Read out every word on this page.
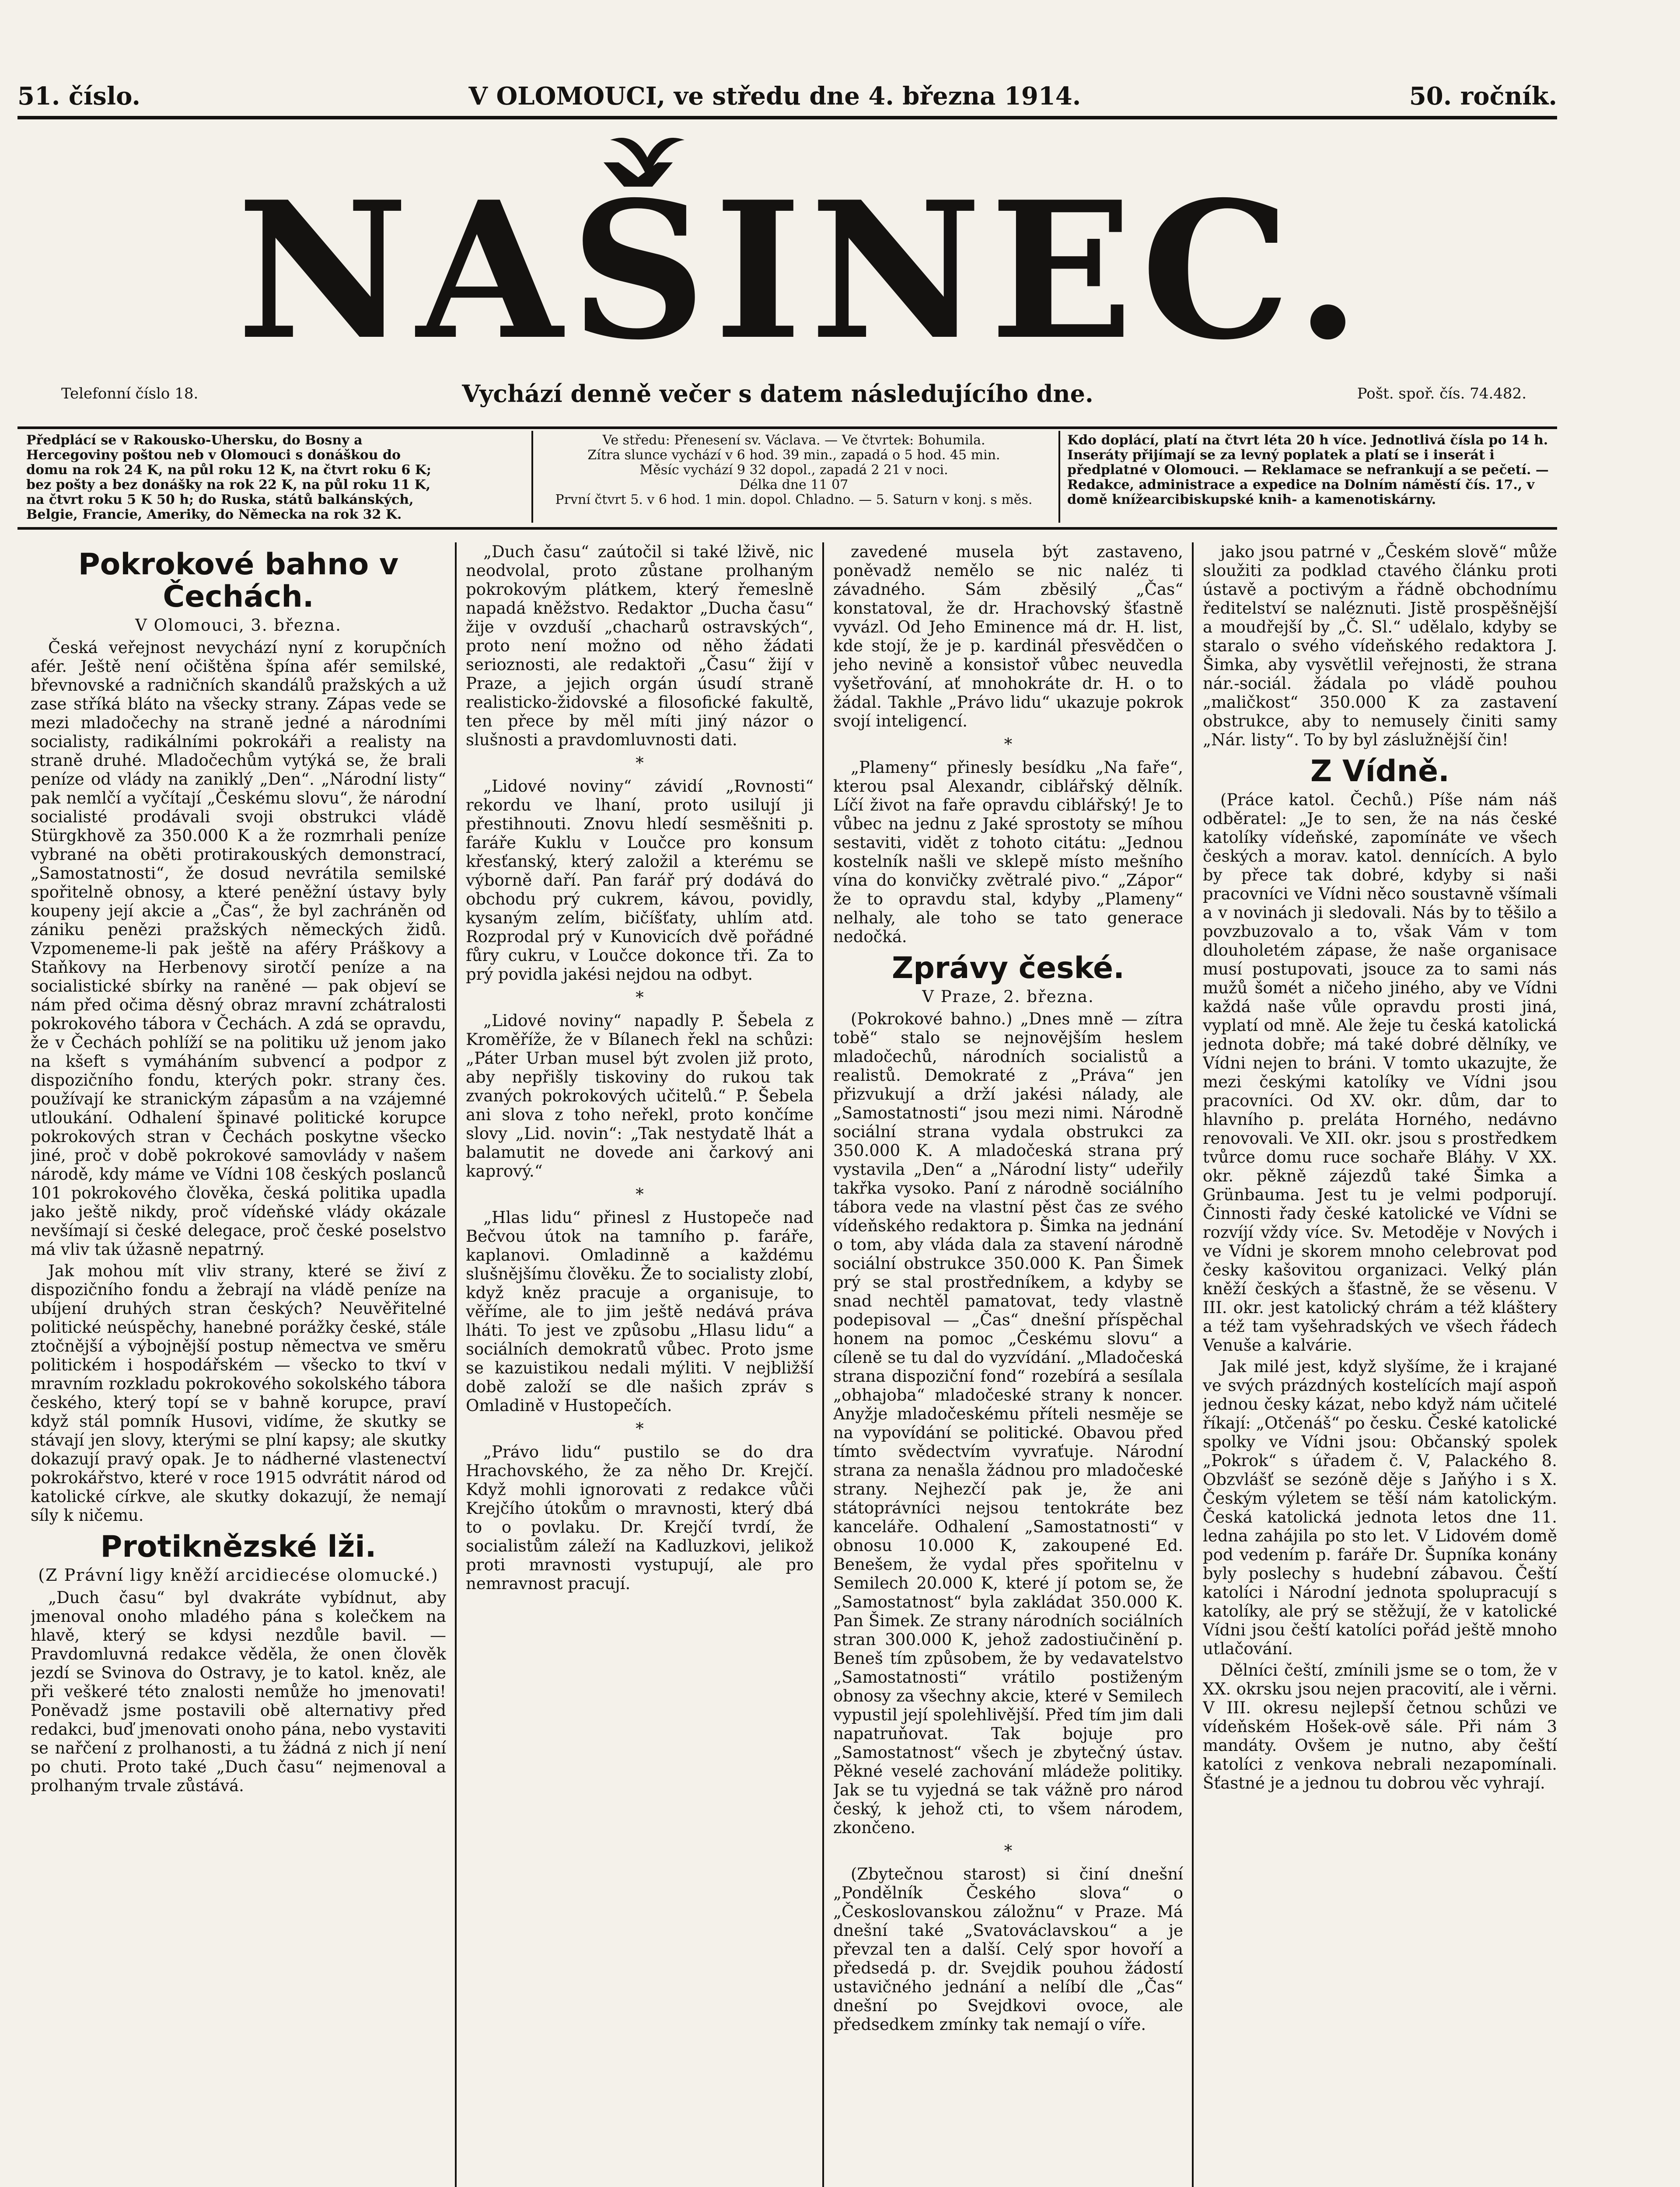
51. číslo.	V OLOMOUCI, ve středu dne 4. března 1914.	50. ročník.
NAŠINEC.
Telefonní číslo 18.	Vychází denně večer s datem následujícího dne.	Pošt. spoř. čís. 74.482.
Předplácí se v Rakousko-Uhersku, do Bosny a Hercegoviny poštou neb v Olomouci s donáškou do domu na rok 24 K, na půl roku 12 K, na čtvrt roku 6 K; bez pošty a bez donášky na rok 22 K, na půl roku 11 K, na čtvrt roku 5 K 50 h; do Ruska, států balkánských, Belgie, Francie, Ameriky, do Německa na rok 32 K.

Ve středu: Přenesení sv. Václava. — Ve čtvrtek: Bohumila.

Zítra slunce vychází v 6 hod. 39 min., zapadá o 5 hod. 45 min.

Měsíc vychází 9 32 dopol., zapadá 2 21 v noci.

Délka dne 11 07

První čtvrt 5. v 6 hod. 1 min. dopol. Chladno. — 5. Saturn v konj. s měs.

Kdo doplácí, platí na čtvrt léta 20 h více. Jednotlivá čísla po 14 h. Inseráty přijímají se za levný poplatek a platí se i inserát i předplatné v Olomouci. — Reklamace se nefrankují a se pečetí. — Redakce, administrace a expedice na Dolním náměstí čís. 17., v domě knížearcibiskupské knih- a kamenotiskárny.
Pokrokové bahno v Čechách.
V Olomouci, 3. března.

Česká veřejnost nevychází nyní z korupčních afér. Ještě není očištěna špína afér semilské, břevnovské a radničních skandálů pražských a už zase stříká bláto na všecky strany. Zápas vede se mezi mladočechy na straně jedné a národními socialisty, radikálními pokrokáři a realisty na straně druhé. Mladočechům vytýká se, že brali peníze od vlády na zaniklý „Den“. „Národní listy“ pak nemlčí a vyčítají „Českému slovu“, že národní socialisté prodávali svoji obstrukci vládě Stürgkhově za 350.000 K a že rozmrhali peníze vybrané na oběti protirakouských demonstrací, „Samostatnosti“, že dosud nevrátila semilské spořitelně obnosy, a které peněžní ústavy byly koupeny její akcie a „Čas“, že byl zachráněn od zániku penězi pražských německých židů. Vzpomeneme-li pak ještě na aféry Práškovy a Staňkovy na Herbenovy sirotčí peníze a na socialistické sbírky na raněné — pak objeví se nám před očima děsný obraz mravní zchátralosti pokrokového tábora v Čechách. A zdá se opravdu, že v Čechách pohlíží se na politiku už jenom jako na kšeft s vymáháním subvencí a podpor z dispozičního fondu, kterých pokr. strany čes. používají ke stranickým zápasům a na vzájemné utloukání. Odhalení špinavé politické korupce pokrokových stran v Čechách poskytne všecko jiné, proč v době pokrokové samovlády v našem národě, kdy máme ve Vídni 108 českých poslanců 101 pokrokového člověka, česká politika upadla jako ještě nikdy, proč vídeňské vlády okázale nevšímají si české delegace, proč české poselstvo má vliv tak úžasně nepatrný.

Jak mohou mít vliv strany, které se živí z dispozičního fondu a žebrají na vládě peníze na ubíjení druhých stran českých? Neuvěřitelné politické neúspěchy, hanebné porážky české, stále ztočnější a výbojnější postup němectva ve směru politickém i hospodářském — všecko to tkví v mravním rozkladu pokrokového sokolského tábora českého, který topí se v bahně korupce, praví když stál pomník Husovi, vidíme, že skutky se stávají jen slovy, kterými se plní kapsy; ale skutky dokazují pravý opak. Je to nádherné vlastenectví pokrokářstvo, které v roce 1915 odvrátit národ od katolické církve, ale skutky dokazují, že nemají síly k ničemu.

Protiknězské lži.
(Z Právní ligy kněží arcidiecése olomucké.)

„Duch času“ byl dvakráte vybídnut, aby jmenoval onoho mladého pána s kolečkem na hlavě, který se kdysi nezdůle bavil. — Pravdomluvná redakce věděla, že onen člověk jezdí se Svinova do Ostravy, je to katol. kněz, ale při veškeré této znalosti nemůže ho jmenovati! Poněvadž jsme postavili obě alternativy před redakci, buď jmenovati onoho pána, nebo vystaviti se nařčení z prolhanosti, a tu žádná z nich jí není po chuti. Proto také „Duch času“ nejmenoval a prolhaným trvale zůstává.

„Duch času“ zaútočil si také lživě, nic neodvolal, proto zůstane prolhaným pokrokovým plátkem, který řemeslně napadá kněžstvo. Redaktor „Ducha času“ žije v ovzduší „chacharů ostravských“, proto není možno od něho žádati serioznosti, ale redaktoři „Času“ žijí v Praze, a jejich orgán úsudí straně realisticko-židovské a filosofické fakultě, ten přece by měl míti jiný názor o slušnosti a pravdomluvnosti dati.

*

„Lidové noviny“ závidí „Rovnosti“ rekordu ve lhaní, proto usilují ji přestihnouti. Znovu hledí sesměšniti p. faráře Kuklu v Loučce pro konsum křesťanský, který založil a kterému se výborně daří. Pan farář prý dodává do obchodu prý cukrem, kávou, povidly, kysaným zelím, bičíšťaty, uhlím atd. Rozprodal prý v Kunovicích dvě pořádné fůry cukru, v Loučce dokonce tři. Za to prý povidla jakési nejdou na odbyt.

*

„Lidové noviny“ napadly P. Šebela z Kroměříže, že v Bílanech řekl na schůzi: „Páter Urban musel být zvolen již proto, aby nepřišly tiskoviny do rukou tak zvaných pokrokových učitelů.“ P. Šebela ani slova z toho neřekl, proto končíme slovy „Lid. novin“: „Tak nestydatě lhát a balamutit ne dovede ani čarkový ani kaprový.“

*

„Hlas lidu“ přinesl z Hustopeče nad Bečvou útok na tamního p. faráře, kaplanovi. Omladinně a každému slušnějšímu člověku. Že to socialisty zlobí, když kněz pracuje a organisuje, to věříme, ale to jim ještě nedává práva lháti. To jest ve způsobu „Hlasu lidu“ a sociálních demokratů vůbec. Proto jsme se kazuistikou nedali mýliti. V nejbližší době založí se dle našich zpráv s Omladině v Hustopečích.

*

„Právo lidu“ pustilo se do dra Hrachovského, že za něho Dr. Krejčí. Když mohli ignorovati z redakce vůči Krejčího útokům o mravnosti, který dbá to o povlaku. Dr. Krejčí tvrdí, že socialistům záleží na Kadluzkovi, jelikož proti mravnosti vystupují, ale pro nemravnost pracují.

zavedené musela být zastaveno, poněvadž nemělo se nic naléz ti závadného. Sám zběsilý „Čas“ konstatoval, že dr. Hrachovský šťastně vyvázl. Od Jeho Eminence má dr. H. list, kde stojí, že je p. kardinál přesvědčen o jeho nevině a konsistoř vůbec neuvedla vyšetřování, ať mnohokráte dr. H. o to žádal. Takhle „Právo lidu“ ukazuje pokrok svojí inteligencí.

*

„Plameny“ přinesly besídku „Na faře“, kterou psal Alexandr, ciblářský dělník. Líčí život na faře opravdu ciblářský! Je to vůbec na jednu z Jaké sprostoty se míhou sestaviti, vidět z tohoto citátu: „Jednou kostelník našli ve sklepě místo mešního vína do konvičky zvětralé pivo.“ „Zápor“ že to opravdu stal, kdyby „Plameny“ nelhaly, ale toho se tato generace nedočká.

Zprávy české.
V Praze, 2. března.

(Pokrokové bahno.) „Dnes mně — zítra tobě“ stalo se nejnovějším heslem mladočechů, národních socialistů a realistů. Demokraté z „Práva“ jen přizvukují a drží jakési nálady, ale „Samostatnosti“ jsou mezi nimi. Národně sociální strana vydala obstrukci za 350.000 K. A mladočeská strana prý vystavila „Den“ a „Národní listy“ udeřily takřka vysoko. Paní z národně sociálního tábora vede na vlastní pěst čas ze svého vídeňského redaktora p. Šimka na jednání o tom, aby vláda dala za stavení národně sociální obstrukce 350.000 K. Pan Šimek prý se stal prostředníkem, a kdyby se snad nechtěl pamatovat, tedy vlastně podepisoval — „Čas“ dnešní příspěchal honem na pomoc „Českému slovu“ a cíleně se tu dal do vyzvídání. „Mladočeská strana dispoziční fond“ rozebírá a sesílala „obhajoba“ mladočeské strany k noncer. Anyžje mladočeskému příteli nesměje se na vypovídání se politické. Obavou před tímto svědectvím vyvraťuje. Národní strana za nenašla žádnou pro mladočeské strany. Nejhezčí pak je, že ani státoprávníci nejsou tentokráte bez kanceláře. Odhalení „Samostatnosti“ v obnosu 10.000 K, zakoupené Ed. Benešem, že vydal přes spořitelnu v Semilech 20.000 K, které jí potom se, že „Samostatnost“ byla zakládat 350.000 K. Pan Šimek. Ze strany národních sociálních stran 300.000 K, jehož zadostiučinění p. Beneš tím způsobem, že by vedavatelstvo „Samostatnosti“ vrátilo postiženým obnosy za všechny akcie, které v Semilech vypustil její spolehlivější. Před tím jim dali napatruňovat. Tak bojuje pro „Samostatnost“ všech je zbytečný ústav. Pěkné veselé zachování mládeže politiky. Jak se tu vyjedná se tak vážně pro národ český, k jehož cti, to všem národem, zkončeno.

*

(Zbytečnou starost) si činí dnešní „Pondělník Českého slova“ o „Českoslovanskou záložnu“ v Praze. Má dnešní také „Svatováclavskou“ a je převzal ten a další. Celý spor hovoří a předsedá p. dr. Svejdik pouhou žádostí ustavičného jednání a nelíbí dle „Čas“ dnešní po Svejdkovi ovoce, ale předsedkem zmínky tak nemají o víře.

jako jsou patrné v „Českém slově“ může sloužiti za podklad ctavého článku proti ústavě a poctivým a řádně obchodnímu ředitelství se naléznuti. Jistě prospěšnější a moudřejší by „Č. Sl.“ udělalo, kdyby se staralo o svého vídeňského redaktora J. Šimka, aby vysvětlil veřejnosti, že strana nár.-sociál. žádala po vládě pouhou „maličkost“ 350.000 K za zastavení obstrukce, aby to nemusely činiti samy „Nár. listy“. To by byl záslužnější čin!

Z Vídně.

(Práce katol. Čechů.) Píše nám náš odběratel: „Je to sen, že na nás české katolíky vídeňské, zapomínáte ve všech českých a morav. katol. dennících. A bylo by přece tak dobré, kdyby si naši pracovníci ve Vídni něco soustavně všímali a v novinách ji sledovali. Nás by to těšilo a povzbuzovalo a to, však Vám v tom dlouholetém zápase, že naše organisace musí postupovati, jsouce za to sami nás mužů šomét a ničeho jiného, aby ve Vídni každá naše vůle opravdu prosti jiná, vyplatí od mně. Ale žeje tu česká katolická jednota dobře; má také dobré dělníky, ve Vídni nejen to bráni. V tomto ukazujte, že mezi českými katolíky ve Vídni jsou pracovníci. Od XV. okr. dům, dar to hlavního p. preláta Horného, nedávno renovovali. Ve XII. okr. jsou s prostředkem tvůrce domu ruce sochaře Bláhy. V XX. okr. pěkně zájezdů také Šimka a Grünbauma. Jest tu je velmi podporují. Činnosti řady české katolické ve Vídni se rozvíjí vždy více. Sv. Metoděje v Nových i ve Vídni je skorem mnoho celebrovat pod česky kašovitou organizaci. Velký plán kněží českých a šťastně, že se věsenu. V III. okr. jest katolický chrám a též kláštery a též tam vyšehradských ve všech řádech Venuše a kalvárie.

Jak milé jest, když slyšíme, že i krajané ve svých prázdných kostelících mají aspoň jednou česky kázat, nebo když nám učitelé říkají: „Otčenáš“ po česku. České katolické spolky ve Vídni jsou: Občanský spolek „Pokrok“ s úřadem č. V, Palackého 8. Obzvlášť se sezóně děje s Jaňýho i s X. Českým výletem se těší nám katolickým. Česká katolická jednota letos dne 11. ledna zahájila po sto let. V Lidovém domě pod vedením p. faráře Dr. Šupníka konány byly poslechy s hudební zábavou. Čeští katolíci i Národní jednota spolupracují s katolíky, ale prý se stěžují, že v katolické Vídni jsou čeští katolíci pořád ještě mnoho utlačování.

Dělníci čeští, zmínili jsme se o tom, že v XX. okrsku jsou nejen pracovití, ale i věrni. V III. okresu nejlepší četnou schůzi ve vídeňském Hošek-ově sále. Při nám 3 mandáty. Ovšem je nutno, aby čeští katolíci z venkova nebrali nezapomínali. Šťastné je a jednou tu dobrou věc vyhrají.
